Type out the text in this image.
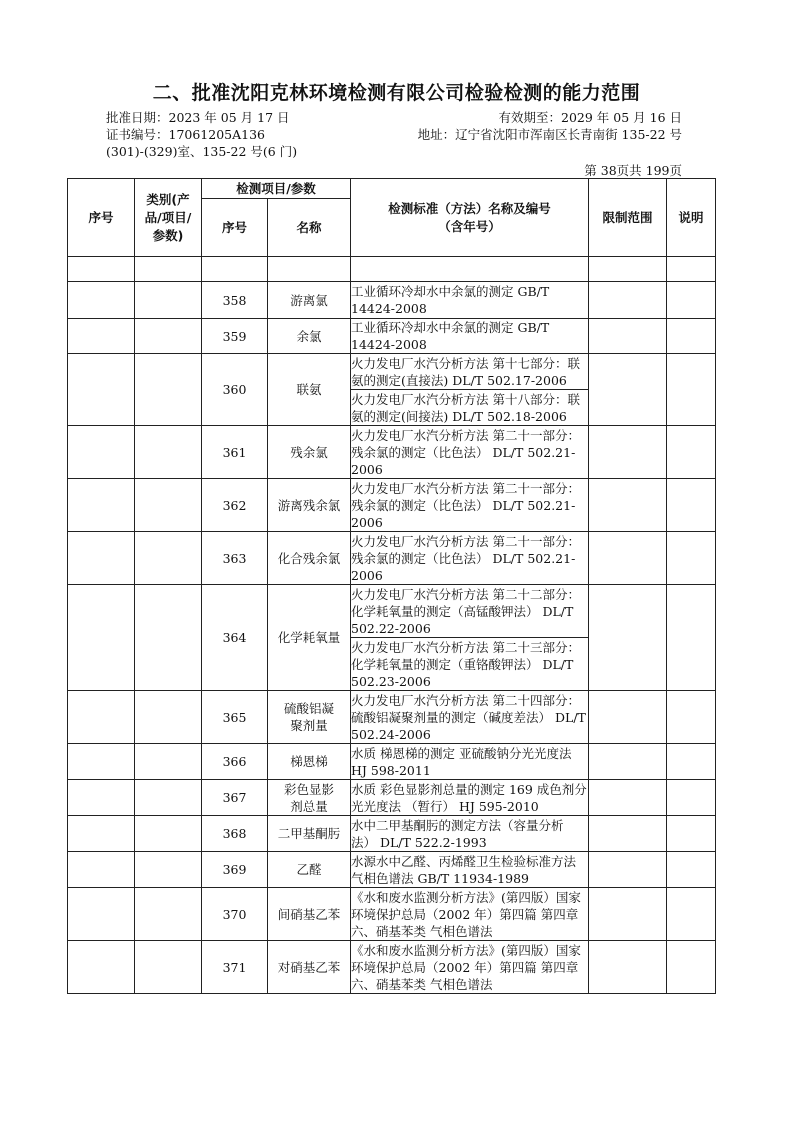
二、批准沈阳克林环境检测有限公司检验检测的能力范围
批准日期：2023 年 05 月 17 日	有效期至：2029 年 05 月 16 日
证书编号：17061205A136	地址：辽宁省沈阳市浑南区长青南街 135-22 号
(301)-(329)室、135-22 号(6 门)
第 38页共 199页
序号	类别(产品/项目/参数)	检测项目/参数		检测标准（方法）名称及编号（含年号）	限制范围	说明
		序号	名称			

		358	游离氯	工业循环冷却水中余氯的测定 GB/T 14424-2008		
		359	余氯	工业循环冷却水中余氯的测定 GB/T 14424-2008		
		360	联氨	火力发电厂水汽分析方法 第十七部分：联氨的测定(直接法) DL/T 502.17-2006		
				火力发电厂水汽分析方法 第十八部分：联氨的测定(间接法) DL/T 502.18-2006		
		361	残余氯	火力发电厂水汽分析方法 第二十一部分：残余氯的测定（比色法） DL/T 502.21-2006		
		362	游离残余氯	火力发电厂水汽分析方法 第二十一部分：残余氯的测定（比色法） DL/T 502.21-2006		
		363	化合残余氯	火力发电厂水汽分析方法 第二十一部分：残余氯的测定（比色法） DL/T 502.21-2006		
		364	化学耗氧量	火力发电厂水汽分析方法 第二十二部分：化学耗氧量的测定（高锰酸钾法） DL/T 502.22-2006		
				火力发电厂水汽分析方法 第二十三部分：化学耗氧量的测定（重铬酸钾法） DL/T 502.23-2006		
		365	硫酸铝凝聚剂量	火力发电厂水汽分析方法 第二十四部分：硫酸铝凝聚剂量的测定（碱度差法） DL/T 502.24-2006		
		366	梯恩梯	水质 梯恩梯的测定 亚硫酸钠分光光度法 HJ 598-2011		
		367	彩色显影剂总量	水质 彩色显影剂总量的测定 169 成色剂分光光度法 （暂行） HJ 595-2010		
		368	二甲基酮肟	水中二甲基酮肟的测定方法（容量分析法） DL/T 522.2-1993		
		369	乙醛	水源水中乙醛、丙烯醛卫生检验标准方法 气相色谱法 GB/T 11934-1989		
		370	间硝基乙苯	《水和废水监测分析方法》(第四版）国家环境保护总局（2002 年）第四篇 第四章 六、硝基苯类 气相色谱法		
		371	对硝基乙苯	《水和废水监测分析方法》(第四版）国家环境保护总局（2002 年）第四篇 第四章 六、硝基苯类 气相色谱法		
